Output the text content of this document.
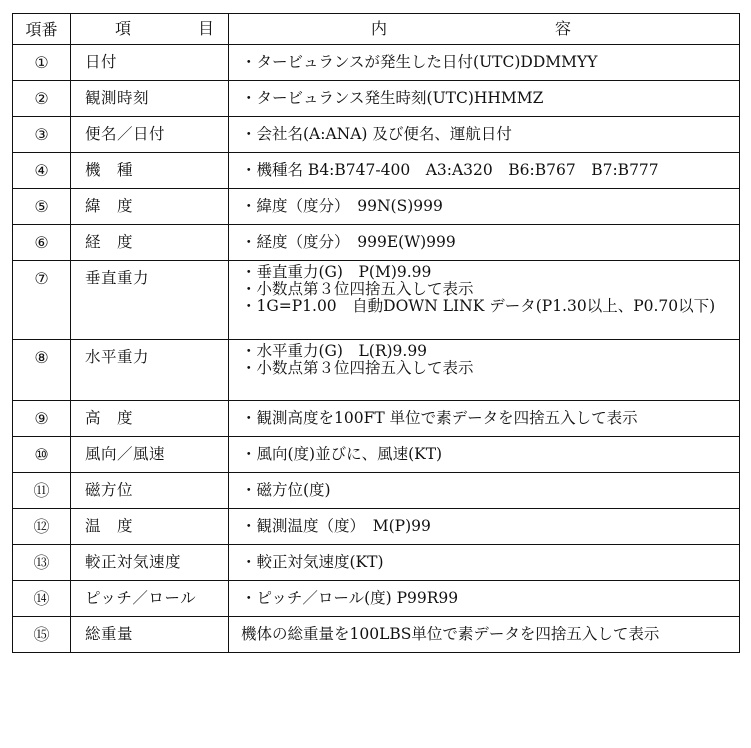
項番	項 目	内 容

①	日付	・タービュランスが発生した日付(UTC)DDMMYY

②	観測時刻	・タービュランス発生時刻(UTC)HHMMZ

③	便名／日付	・会社名(A:ANA) 及び便名、運航日付

④	機　種	・機種名 B4:B747-400　A3:A320　B6:B767　B7:B777

⑤	緯　度	・緯度（度分）　99N(S)999

⑥	経　度	・経度（度分）　999E(W)999

⑦	垂直重力	・垂直重力(G)　P(M)9.99
・小数点第３位四捨五入して表示
・1G=P1.00　自動DOWN LINK データ(P1.30以上、P0.70以下)

⑧	水平重力	・水平重力(G)　L(R)9.99
・小数点第３位四捨五入して表示

⑨	高　度	・観測高度を100FT 単位で素データを四捨五入して表示

⑩	風向／風速	・風向(度)並びに、風速(KT)

⑪	磁方位	・磁方位(度)

⑫	温　度	・観測温度（度）　M(P)99

⑬	較正対気速度	・較正対気速度(KT)

⑭	ピッチ／ロール	・ピッチ／ロール(度) P99R99

⑮	総重量	機体の総重量を100LBS単位で素データを四捨五入して表示
